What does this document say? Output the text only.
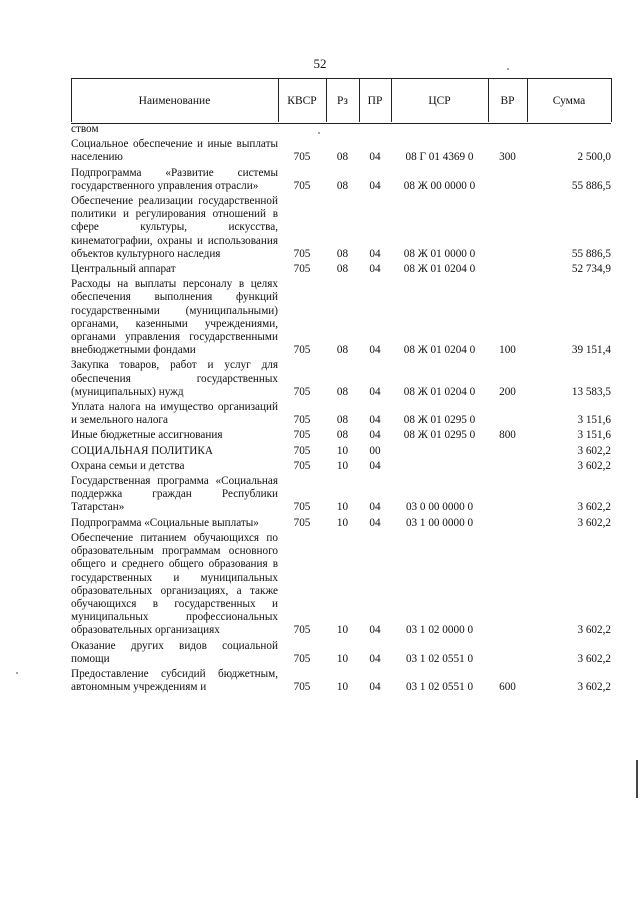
52
Наименование	КВСР	Рз	ПР	ЦСР	ВР	Сумма
ством						
Социальное обеспечение и иные выплаты населению	705	08	04	08 Г 01 4369 0	300	2 500,0
Подпрограмма «Развитие системы государственного управления отрасли»	705	08	04	08 Ж 00 0000 0		55 886,5
Обеспечение реализации государственной политики и регулирования отношений в сфере культуры, искусства, кинематографии, охраны и использования объектов культурного наследия	705	08	04	08 Ж 01 0000 0		55 886,5
Центральный аппарат	705	08	04	08 Ж 01 0204 0		52 734,9
Расходы на выплаты персоналу в целях обеспечения выполнения функций государственными (муниципальными) органами, казенными учреждениями, органами управления государственными внебюджетными фондами	705	08	04	08 Ж 01 0204 0	100	39 151,4
Закупка товаров, работ и услуг для обеспечения государственных (муниципальных) нужд	705	08	04	08 Ж 01 0204 0	200	13 583,5
Уплата налога на имущество организаций и земельного налога	705	08	04	08 Ж 01 0295 0		3 151,6
Иные бюджетные ассигнования	705	08	04	08 Ж 01 0295 0	800	3 151,6
СОЦИАЛЬНАЯ ПОЛИТИКА	705	10	00			3 602,2
Охрана семьи и детства	705	10	04			3 602,2
Государственная программа «Социальная поддержка граждан Республики Татарстан»	705	10	04	03 0 00 0000 0		3 602,2
Подпрограмма «Социальные выплаты»	705	10	04	03 1 00 0000 0		3 602,2
Обеспечение питанием обучающихся по образовательным программам основного общего и среднего общего образования в государственных и муниципальных образовательных организациях, а также обучающихся в государственных и муниципальных профессиональных образовательных организациях	705	10	04	03 1 02 0000 0		3 602,2
Оказание других видов социальной помощи	705	10	04	03 1 02 0551 0		3 602,2
Предоставление субсидий бюджетным, автономным учреждениям и	705	10	04	03 1 02 0551 0	600	3 602,2
